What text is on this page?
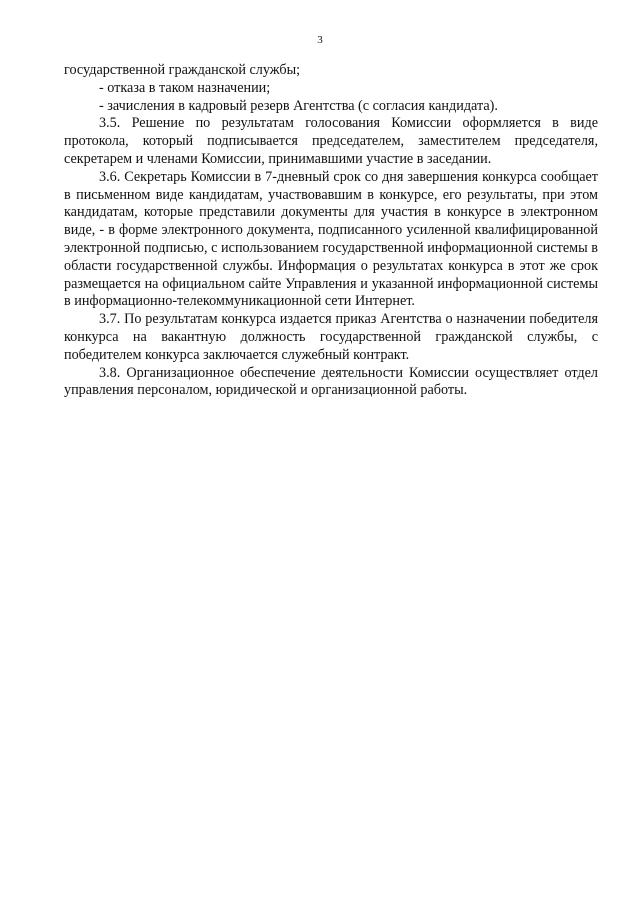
3

государственной гражданской службы;

- отказа в таком назначении;

- зачисления в кадровый резерв Агентства (с согласия кандидата).

3.5. Решение по результатам голосования Комиссии оформляется в виде протокола, который подписывается председателем, заместителем председателя, секретарем и членами Комиссии, принимавшими участие в заседании.

3.6. Секретарь Комиссии в 7-дневный срок со дня завершения конкурса сообщает в письменном виде кандидатам, участвовавшим в конкурсе, его результаты, при этом кандидатам, которые представили документы для участия в конкурсе в электронном виде, - в форме электронного документа, подписанного усиленной квалифицированной электронной подписью, с использованием государственной информационной системы в области государственной службы. Информация о результатах конкурса в этот же срок размещается на официальном сайте Управления и указанной информационной системы в информационно-телекоммуникационной сети Интернет.

3.7. По результатам конкурса издается приказ Агентства о назначении победителя конкурса на вакантную должность государственной гражданской службы, с победителем конкурса заключается служебный контракт.

3.8. Организационное обеспечение деятельности Комиссии осуществляет отдел управления персоналом, юридической и организационной работы.
